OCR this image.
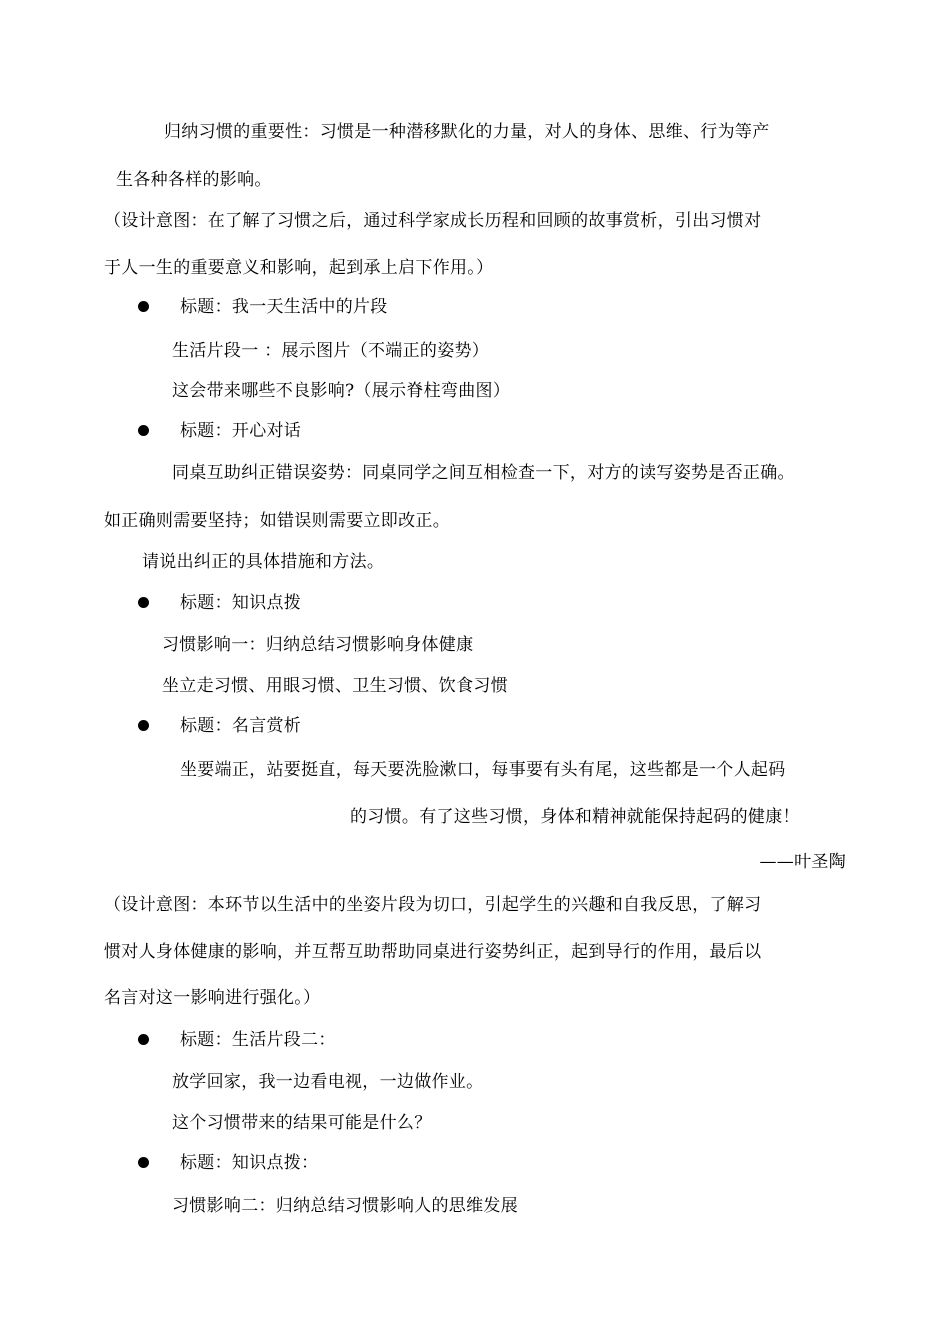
归纳习惯的重要性：习惯是一种潜移默化的力量，对人的身体、思维、行为等产
生各种各样的影响。
（设计意图：在了解了习惯之后，通过科学家成长历程和回顾的故事赏析，引出习惯对
于人一生的重要意义和影响，起到承上启下作用。）
标题：我一天生活中的片段
生活片段一 ：展示图片（不端正的姿势）
这会带来哪些不良影响?（展示脊柱弯曲图）
标题：开心对话
同桌互助纠正错误姿势：同桌同学之间互相检查一下，对方的读写姿势是否正确。
如正确则需要坚持；如错误则需要立即改正。
请说出纠正的具体措施和方法。
标题：知识点拨
习惯影响一：归纳总结习惯影响身体健康
坐立走习惯、用眼习惯、卫生习惯、饮食习惯
标题：名言赏析
坐要端正，站要挺直，每天要洗脸漱口，每事要有头有尾，这些都是一个人起码
的习惯。有了这些习惯，身体和精神就能保持起码的健康！
——叶圣陶
（设计意图：本环节以生活中的坐姿片段为切口，引起学生的兴趣和自我反思，了解习
惯对人身体健康的影响，并互帮互助帮助同桌进行姿势纠正，起到导行的作用，最后以
名言对这一影响进行强化。）
标题：生活片段二：
放学回家，我一边看电视，一边做作业。
这个习惯带来的结果可能是什么？
标题：知识点拨：
习惯影响二：归纳总结习惯影响人的思维发展
